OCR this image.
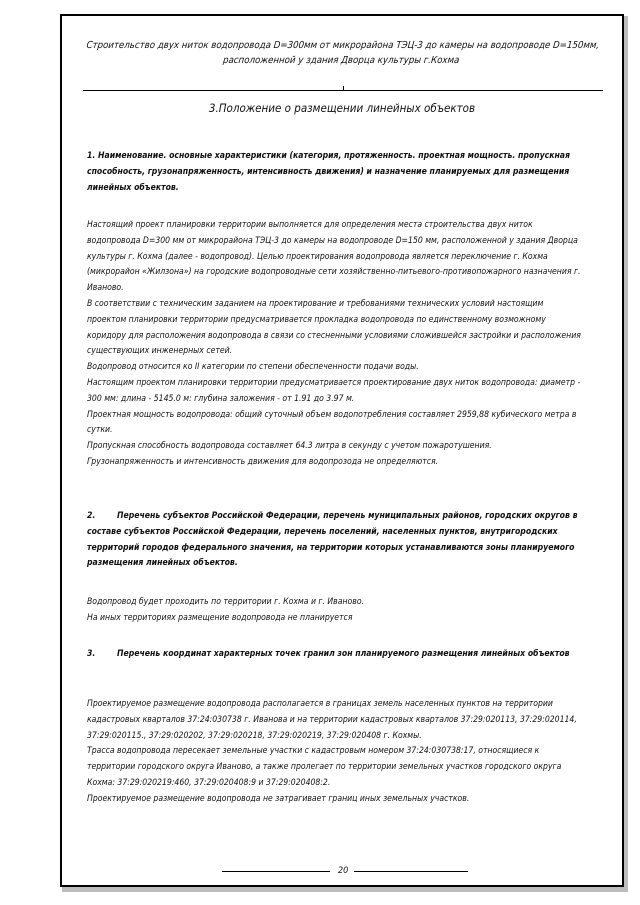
Строительство двух ниток водопровода D=300мм от микрорайона ТЭЦ-3 до камеры на водопроводе D=150мм,
расположенной у здания Дворца культуры г.Кохма
3.Положение о размещении линейных объектов

1. Наименование. основные характеристики (категория, протяженность. проектная мощность. пропускная способность, грузонапряженность, интенсивность движения) и назначение планируемых для размещения линейных объектов.

Настоящий проект планировки территории выполняется для определения места строительства двух ниток водопровода D=300 мм от микрорайона ТЭЦ-3 до камеры на водопроводе D=150 мм, расположенной у здания Дворца культуры г. Кохма (далее - водопровод). Целью проектирования водопровода является переключение г. Кохма (микрорайон «Жилзона») на городские водопроводные сети хозяйственно-питьевого-противопожарного назначения г. Иваново.

В соответствии с техническим заданием на проектирование и требованиями технических условий настоящим проектом планировки территории предусматривается прокладка водопровода по единственному возможному коридору для расположения водопровода в связи со стесненными условиями сложившейся застройки и расположения существующих инженерных сетей.

Водопровод относится ко II категории по степени обеспеченности подачи воды.

Настоящим проектом планировки территории предусматривается проектирование двух ниток водопровода: диаметр - 300 мм: длина - 5145.0 м: глубина заложения - от 1.91 до 3.97 м.

Проектная мощность водопровода: общий суточный объем водопотребления составляет 2959,88 кубического метра в сутки.

Пропускная способность водопровода составляет 64.3 литра в секунду с учетом пожаротушения.

Грузонапряженность и интенсивность движения для водопрозода не определяются.

2.	Перечень субъектов Российской Федерации, перечень муниципальных районов, городских округов в составе субъектов Российской Федерации, перечень поселений, населенных пунктов, внутригородских территорий городов федерального значения, на территории которых устанавливаются зоны планируемого размещения линейных объектов.

Водопровод будет проходить по территории г. Кохма и г. Иваново.

На иных территориях размещение водопровода не планируется

3.	Перечень координат характерных точек гранил зон планируемого размещения линейных объектов

Проектируемое размещение водопровода располагается в границах земель населенных пунктов на территории кадастровых кварталов 37:24:030738 г. Иванова и на территории кадастровых кварталов 37:29:020113, 37:29:020114, 37:29:020115., 37:29:020202, 37:29:020218, 37:29:020219, 37:29:020408 г. Кохмы.

Трасса водопровода пересекает земельные участки с кадастровым номером 37:24:030738:17, относящиеся к территории городского округа Иваново, а также пролегает по территории земельных участков городского округа Кохма: 37:29:020219:460, 37:29:020408:9 и 37:29:020408:2.

Проектируемое размещение водопровода не затрагивает границ иных земельных участков.

20
